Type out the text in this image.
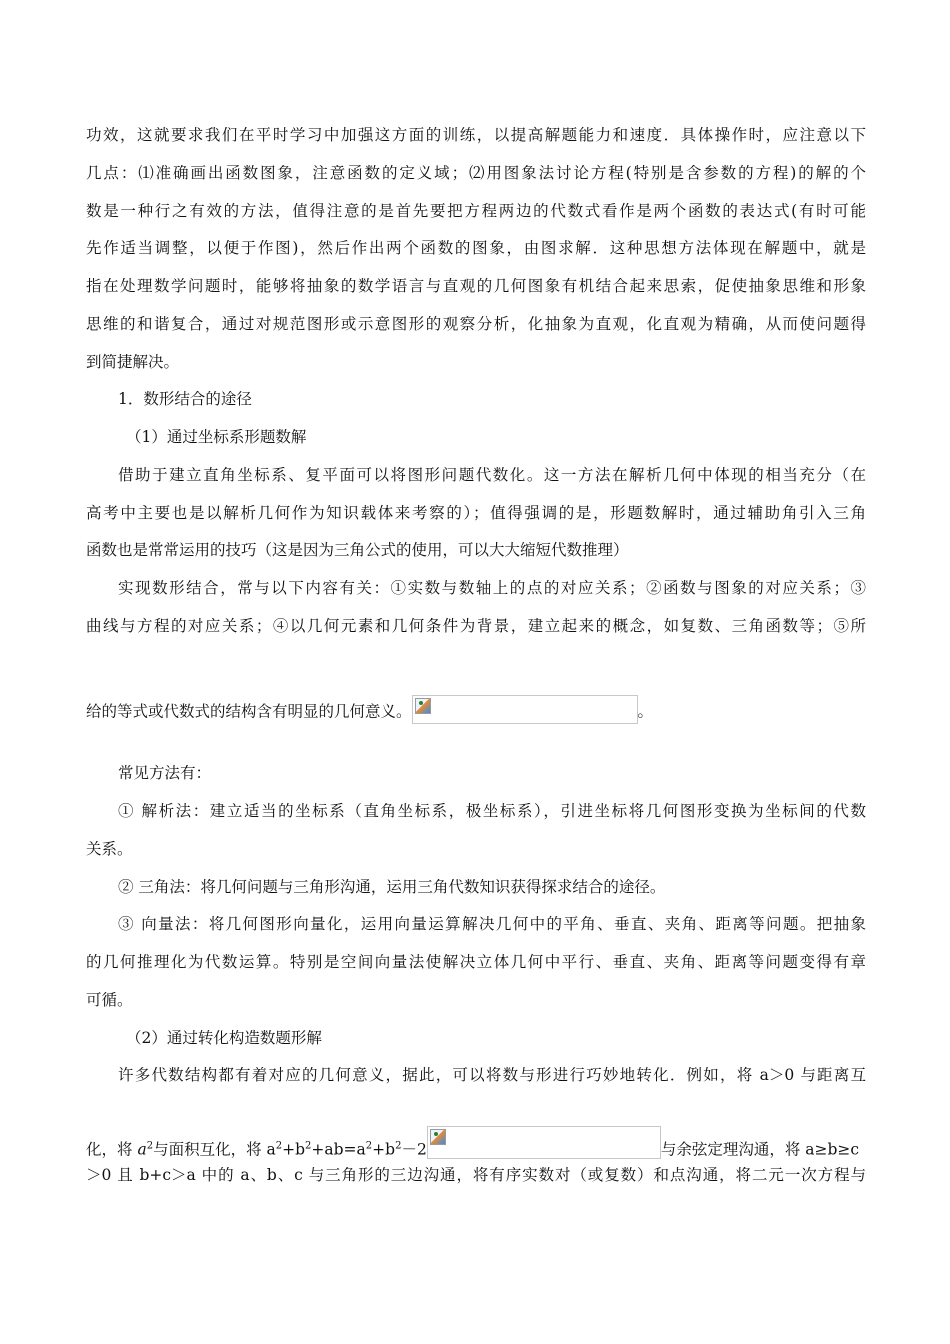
功效，这就要求我们在平时学习中加强这方面的训练，以提高解题能力和速度．具体操作时，应注意以下
几点：⑴准确画出函数图象，注意函数的定义域；⑵用图象法讨论方程(特别是含参数的方程)的解的个
数是一种行之有效的方法，值得注意的是首先要把方程两边的代数式看作是两个函数的表达式(有时可能
先作适当调整，以便于作图)，然后作出两个函数的图象，由图求解．这种思想方法体现在解题中，就是
指在处理数学问题时，能够将抽象的数学语言与直观的几何图象有机结合起来思索，促使抽象思维和形象
思维的和谐复合，通过对规范图形或示意图形的观察分析，化抽象为直观，化直观为精确，从而使问题得
到简捷解决。
1．数形结合的途径
（1）通过坐标系形题数解
借助于建立直角坐标系、复平面可以将图形问题代数化。这一方法在解析几何中体现的相当充分（在
高考中主要也是以解析几何作为知识载体来考察的）；值得强调的是，形题数解时，通过辅助角引入三角
函数也是常常运用的技巧（这是因为三角公式的使用，可以大大缩短代数推理）
实现数形结合，常与以下内容有关：①实数与数轴上的点的对应关系；②函数与图象的对应关系；③
曲线与方程的对应关系；④以几何元素和几何条件为背景，建立起来的概念，如复数、三角函数等；⑤所
给的等式或代数式的结构含有明显的几何意义。	。
常见方法有：
① 解析法：建立适当的坐标系（直角坐标系，极坐标系），引进坐标将几何图形变换为坐标间的代数
关系。
② 三角法：将几何问题与三角形沟通，运用三角代数知识获得探求结合的途径。
③ 向量法：将几何图形向量化，运用向量运算解决几何中的平角、垂直、夹角、距离等问题。把抽象
的几何推理化为代数运算。特别是空间向量法使解决立体几何中平行、垂直、夹角、距离等问题变得有章
可循。
（2）通过转化构造数题形解
许多代数结构都有着对应的几何意义，据此，可以将数与形进行巧妙地转化．例如，将 a＞0 与距离互
化，将 $a^2$与面积互化，将 $a^2+b^2+ab=a^2+b^2-2$	与余弦定理沟通，将 a≥b≥c
＞0 且 b+c＞a 中的 a、b、c 与三角形的三边沟通，将有序实数对（或复数）和点沟通，将二元一次方程与
